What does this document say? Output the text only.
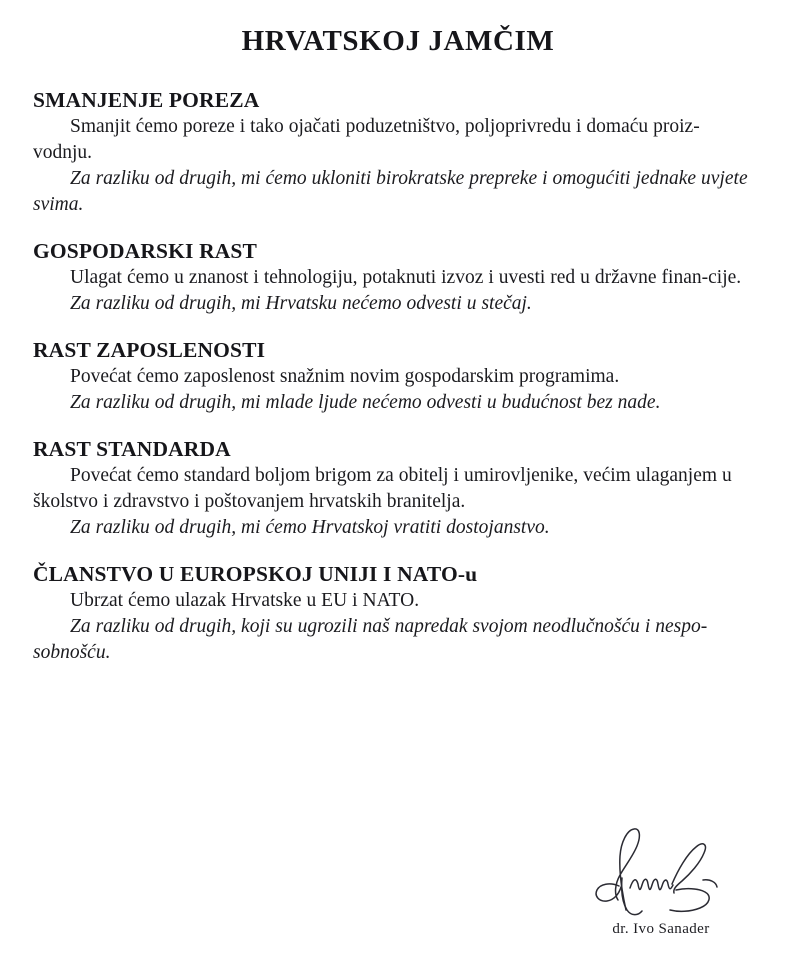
HRVATSKOJ JAMČIM
SMANJENJE POREZA

Smanjit ćemo poreze i tako ojačati poduzetništvo, poljoprivredu i domaću proiz-vodnju.

Za razliku od drugih, mi ćemo ukloniti birokratske prepreke i omogućiti jednake uvjete svima.

GOSPODARSKI RAST

Ulagat ćemo u znanost i tehnologiju, potaknuti izvoz i uvesti red u državne finan-cije.

Za razliku od drugih, mi Hrvatsku nećemo odvesti u stečaj.

RAST ZAPOSLENOSTI

Povećat ćemo zaposlenost snažnim novim gospodarskim programima.

Za razliku od drugih, mi mlade ljude nećemo odvesti u budućnost bez nade.

RAST STANDARDA

Povećat ćemo standard boljom brigom za obitelj i umirovljenike, većim ulaganjem u školstvo i zdravstvo i poštovanjem hrvatskih branitelja.

Za razliku od drugih, mi ćemo Hrvatskoj vratiti dostojanstvo.

ČLANSTVO U EUROPSKOJ UNIJI I NATO-u

Ubrzat ćemo ulazak Hrvatske u EU i NATO.

Za razliku od drugih, koji su ugrozili naš napredak svojom neodlučnošću i nespo-sobnošću.

dr. Ivo Sanader
